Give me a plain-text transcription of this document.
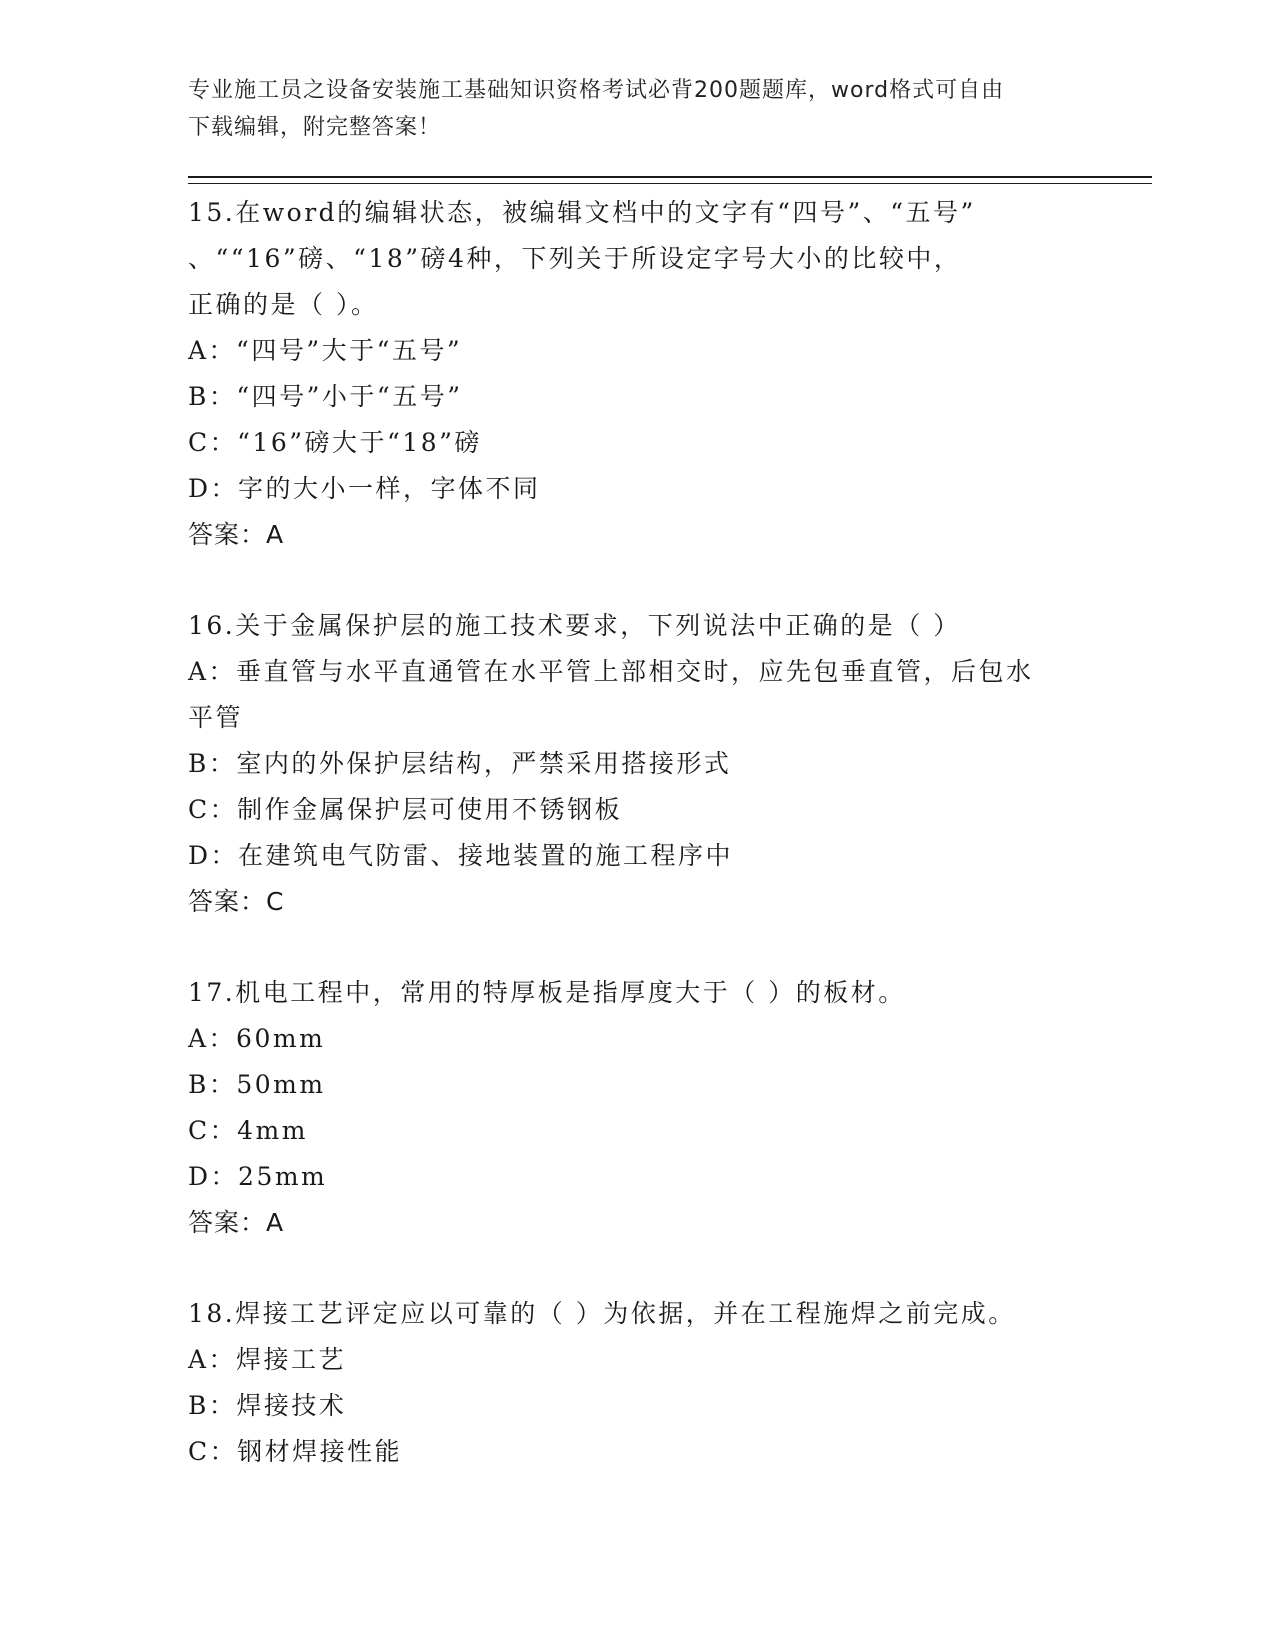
专业施工员之设备安装施工基础知识资格考试必背200题题库，word格式可自由
下载编辑，附完整答案！
15.在word的编辑状态，被编辑文档中的文字有“四号”、“五号”
、““16”磅、“18”磅4种，下列关于所设定字号大小的比较中，
正确的是（ ）。
A：“四号”大于“五号”
B：“四号”小于“五号”
C：“16”磅大于“18”磅
D：字的大小一样，字体不同
答案：A
16.关于金属保护层的施工技术要求，下列说法中正确的是（ ）
A：垂直管与水平直通管在水平管上部相交时，应先包垂直管，后包水
平管
B：室内的外保护层结构，严禁采用搭接形式
C：制作金属保护层可使用不锈钢板
D：在建筑电气防雷、接地装置的施工程序中
答案：C
17.机电工程中，常用的特厚板是指厚度大于（ ）的板材。
A：60mm
B：50mm
C：4mm
D：25mm
答案：A
18.焊接工艺评定应以可靠的（ ）为依据，并在工程施焊之前完成。
A：焊接工艺
B：焊接技术
C：钢材焊接性能
